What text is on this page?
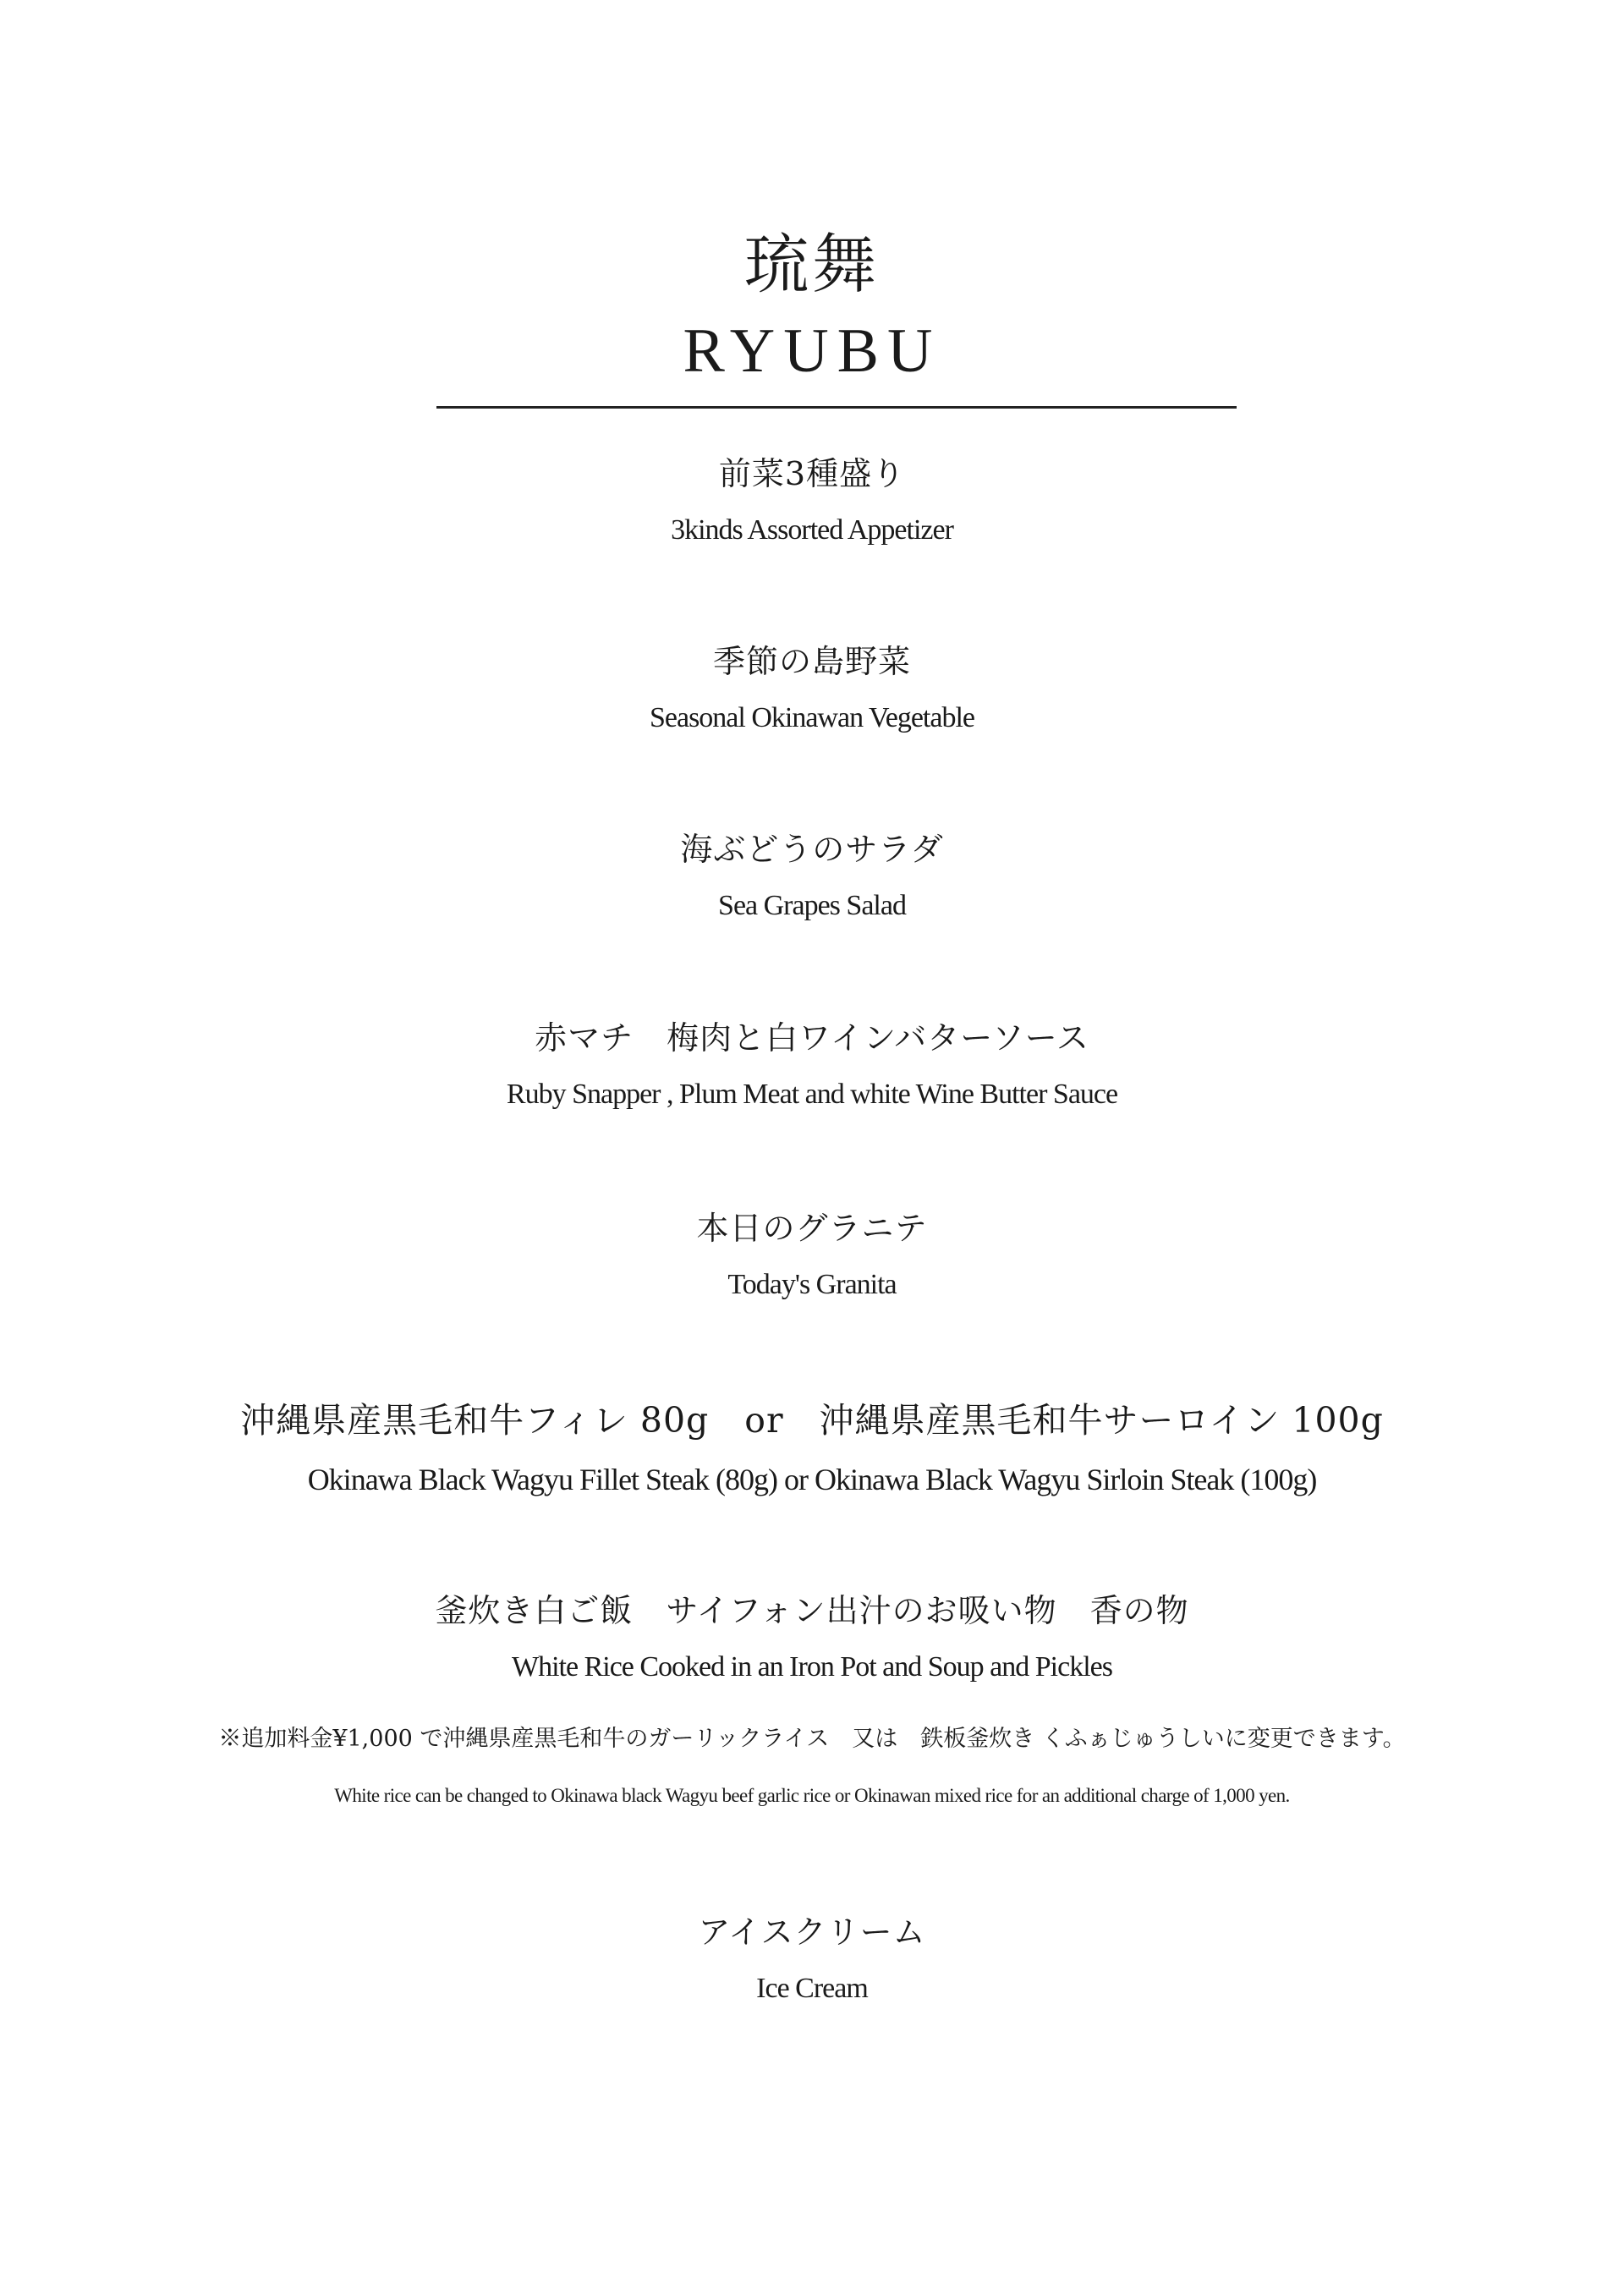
琉舞
RYUBU
前菜3種盛り
3kinds Assorted Appetizer
季節の島野菜
Seasonal Okinawan Vegetable
海ぶどうのサラダ
Sea Grapes Salad
赤マチ　梅肉と白ワインバターソース
Ruby Snapper , Plum Meat and white Wine Butter Sauce
本日のグラニテ
Today's Granita
沖縄県産黒毛和牛フィレ 80g　or　沖縄県産黒毛和牛サーロイン 100g
Okinawa Black Wagyu Fillet Steak (80g) or Okinawa Black Wagyu Sirloin Steak (100g)
釜炊き白ご飯　サイフォン出汁のお吸い物　香の物
White Rice Cooked in an Iron Pot and Soup and Pickles
※追加料金¥1,000 で沖縄県産黒毛和牛のガーリックライス　又は　鉄板釜炊き くふぁじゅうしいに変更できます。
White rice can be changed to Okinawa black Wagyu beef garlic rice or Okinawan mixed rice for an additional charge of 1,000 yen.
アイスクリーム
Ice Cream
